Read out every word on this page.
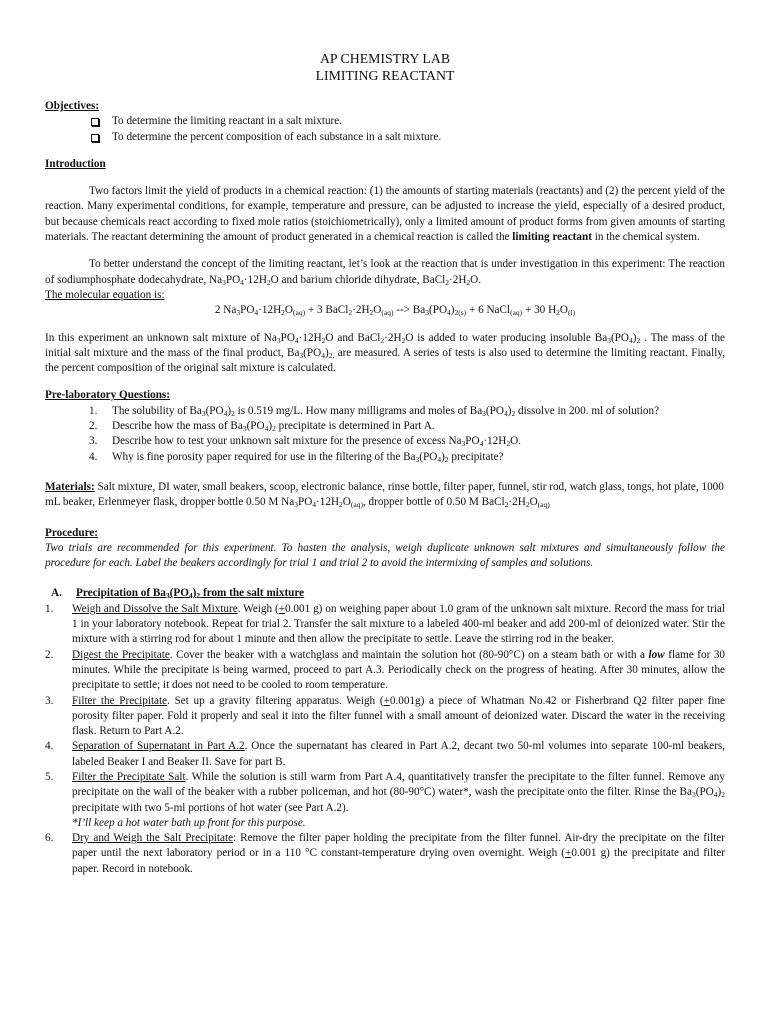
AP CHEMISTRY LAB
LIMITING REACTANT
Objectives:
To determine the limiting reactant in a salt mixture.
To determine the percent composition of each substance in a salt mixture.
Introduction

Two factors limit the yield of products in a chemical reaction: (1) the amounts of starting materials (reactants) and (2) the percent yield of the reaction. Many experimental conditions, for example, temperature and pressure, can be adjusted to increase the yield, especially of a desired product, but because chemicals react according to fixed mole ratios (stoichiometrically), only a limited amount of product forms from given amounts of starting materials. The reactant determining the amount of product generated in a chemical reaction is called the limiting reactant in the chemical system.

To better understand the concept of the limiting reactant, let’s look at the reaction that is under investigation in this experiment: The reaction of sodiumphosphate dodecahydrate, $Na_3PO_4\cdot 12H_2O$ and barium chloride dihydrate, $BaCl_2\cdot 2H_2O$.

The molecular equation is:
2 $Na_3PO_4\cdot 12H_2O_{(aq)} + 3$ $BaCl_2\cdot 2H_2O_{(aq)}$ --> $Ba_3(PO_4)_{2(s)} + 6$ NaCl$_{(aq)}$ + 30 $H_2O_{(l)}$

In this experiment an unknown salt mixture of $Na_3PO_4\cdot 12H_2O$ and $BaCl_2\cdot 2H_2O$ is added to water producing insoluble $Ba_3(PO_4)_2$ . The mass of the initial salt mixture and the mass of the final product, $Ba_3(PO_4)_{2,}$ are measured. A series of tests is also used to determine the limiting reactant. Finally, the percent composition of the original salt mixture is calculated.

Pre-laboratory Questions:
1. The solubility of $Ba_3(PO_4)_2$ is 0.519 mg/L. How many milligrams and moles of $Ba_3(PO_4)_2$ dissolve in 200. ml of solution?
2. Describe how the mass of $Ba_3(PO_4)_2$ precipitate is determined in Part A.
3. Describe how to test your unknown salt mixture for the presence of excess $Na_3PO_4\cdot 12H_2O$.
4. Why is fine porosity paper required for use in the filtering of the $Ba_3(PO_4)_2$ precipitate?

Materials: Salt mixture, DI water, small beakers, scoop, electronic balance, rinse bottle, filter paper, funnel, stir rod, watch glass, tongs, hot plate, 1000 mL beaker, Erlenmeyer flask, dropper bottle 0.50 M $Na_3PO_4\cdot 12H_2O_{(aq)}$, dropper bottle of 0.50 M $BaCl_2\cdot 2H_2O_{(aq)}$

Procedure:

Two trials are recommended for this experiment. To hasten the analysis, weigh duplicate unknown salt mixtures and simultaneously follow the procedure for each. Label the beakers accordingly for trial 1 and trial 2 to avoid the intermixing of samples and solutions.

A. Precipitation of $Ba_3(PO_4)_2$ from the salt mixture
1. Weigh and Dissolve the Salt Mixture. Weigh (+0.001 g) on weighing paper about 1.0 gram of the unknown salt mixture. Record the mass for trial 1 in your laboratory notebook. Repeat for trial 2. Transfer the salt mixture to a labeled 400-ml beaker and add 200-ml of deionized water. Stir the mixture with a stirring rod for about 1 minute and then allow the precipitate to settle. Leave the stirring rod in the beaker.
2. Digest the Precipitate. Cover the beaker with a watchglass and maintain the solution hot (80-90°C) on a steam bath or with a low flame for 30 minutes. While the precipitate is being warmed, proceed to part A.3. Periodically check on the progress of heating. After 30 minutes, allow the precipitate to settle; it does not need to be cooled to room temperature.
3. Filter the Precipitate. Set up a gravity filtering apparatus. Weigh (+0.001g) a piece of Whatman No.42 or Fisherbrand Q2 filter paper fine porosity filter paper. Fold it properly and seal it into the filter funnel with a small amount of deionized water. Discard the water in the receiving flask. Return to Part A.2.
4. Separation of Supernatant in Part A.2. Once the supernatant has cleared in Part A.2, decant two 50-ml volumes into separate 100-ml beakers, labeled Beaker I and Beaker II. Save for part B.
5. Filter the Precipitate Salt. While the solution is still warm from Part A.4, quantitatively transfer the precipitate to the filter funnel. Remove any precipitate on the wall of the beaker with a rubber policeman, and hot (80-90°C) water*, wash the precipitate onto the filter. Rinse the $Ba_3(PO_4)_2$ precipitate with two 5-ml portions of hot water (see Part A.2).
*I’ll keep a hot water bath up front for this purpose.
6. Dry and Weigh the Salt Precipitate: Remove the filter paper holding the precipitate from the filter funnel. Air-dry the precipitate on the filter paper until the next laboratory period or in a 110 °C constant-temperature drying oven overnight. Weigh (+0.001 g) the precipitate and filter paper. Record in notebook.
